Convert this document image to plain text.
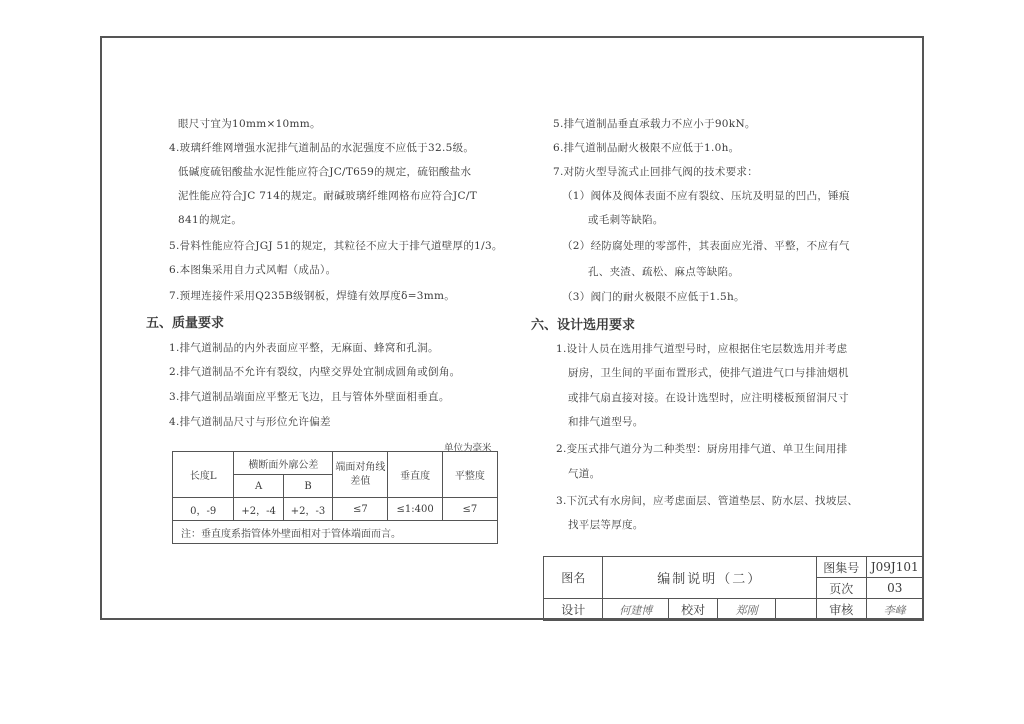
眼尺寸宜为10mm×10mm。
4.玻璃纤维网增强水泥排气道制品的水泥强度不应低于32.5级。
低碱度硫铝酸盐水泥性能应符合JC/T659的规定，硫铝酸盐水
泥性能应符合JC 714的规定。耐碱玻璃纤维网格布应符合JC/T
841的规定。
5.骨料性能应符合JGJ 51的规定，其粒径不应大于排气道壁厚的1/3。
6.本图集采用自力式风帽（成品）。
7.预埋连接件采用Q235B级钢板，焊缝有效厚度δ=3mm。
五、质量要求
1.排气道制品的内外表面应平整，无麻面、蜂窝和孔洞。
2.排气道制品不允许有裂纹，内壁交界处宜制成圆角或倒角。
3.排气道制品端面应平整无飞边，且与管体外壁面相垂直。
4.排气道制品尺寸与形位允许偏差
单位为毫米
长度L	横断面外廓公差		端面对角线差值	垂直度	平整度
	A	B			
0，-9	+2，-4	+2，-3	≤7	≤1:400	≤7
注：垂直度系指管体外壁面相对于管体端面而言。					
5.排气道制品垂直承载力不应小于90kN。
6.排气道制品耐火极限不应低于1.0h。
7.对防火型导流式止回排气阀的技术要求：
（1）阀体及阀体表面不应有裂纹、压坑及明显的凹凸，锤痕
或毛刺等缺陷。
（2）经防腐处理的零部件，其表面应光滑、平整，不应有气
孔、夹渣、疏松、麻点等缺陷。
（3）阀门的耐火极限不应低于1.5h。
六、设计选用要求
1.设计人员在选用排气道型号时，应根据住宅层数选用并考虑
厨房，卫生间的平面布置形式，使排气道进气口与排油烟机
或排气扇直接对接。在设计选型时，应注明楼板预留洞尺寸
和排气道型号。
2.变压式排气道分为二种类型：厨房用排气道、单卫生间用排
气道。
3.下沉式有水房间，应考虑面层、管道垫层、防水层、找坡层、
找平层等厚度。
图名	编制说明（二）				图集号	J09J101
					页次	03
设计	何建博	校对	郑刚		审核	李峰
